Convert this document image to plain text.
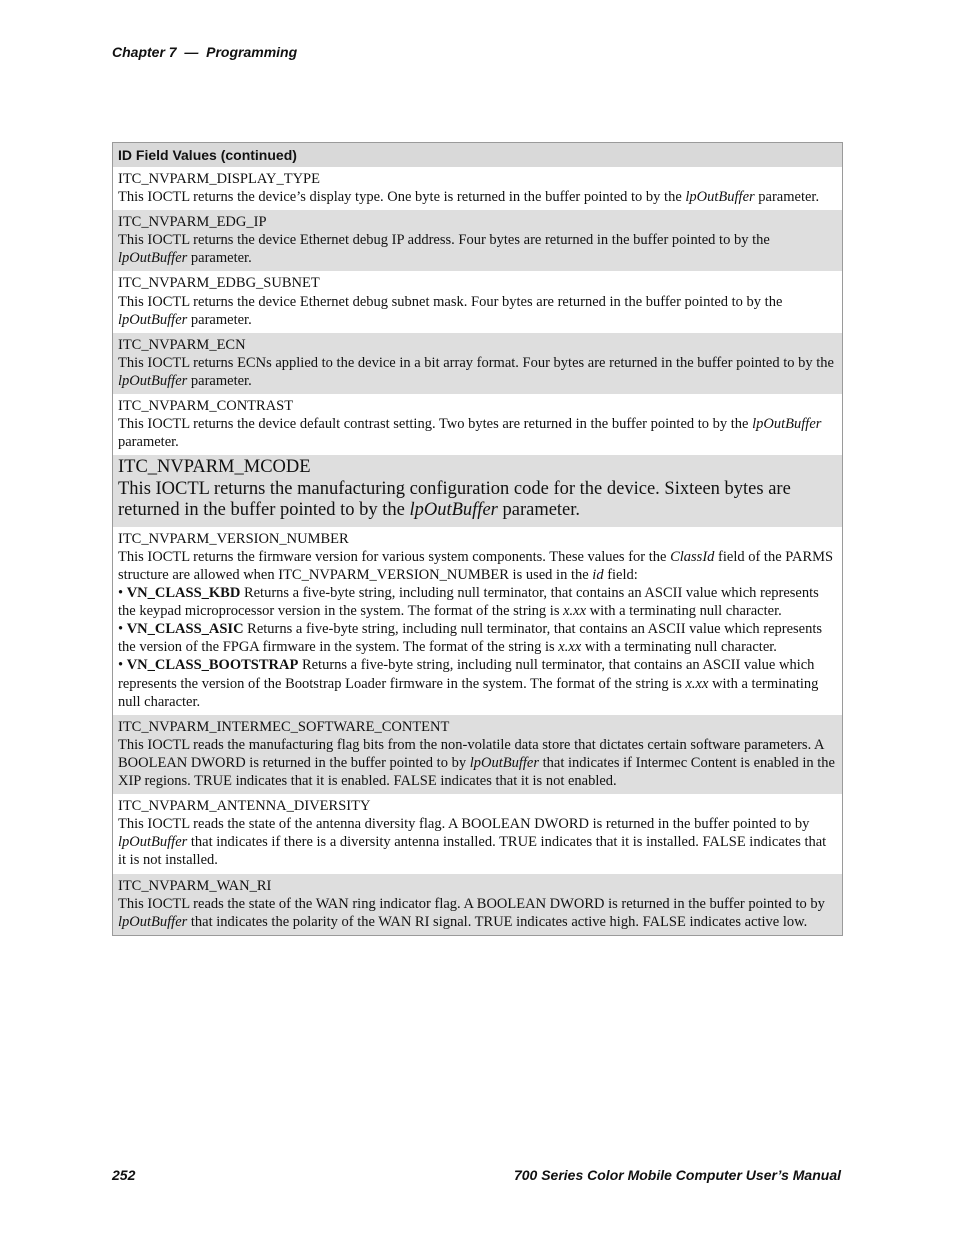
Chapter 7  —  Programming
ID Field Values (continued)
ITC_NVPARM_DISPLAY_TYPE
This IOCTL returns the device’s display type. One byte is returned in the buffer pointed to by the lpOutBuffer parameter.
ITC_NVPARM_EDG_IP
This IOCTL returns the device Ethernet debug IP address. Four bytes are returned in the buffer pointed to by the lpOutBuffer parameter.
ITC_NVPARM_EDBG_SUBNET
This IOCTL returns the device Ethernet debug subnet mask. Four bytes are returned in the buffer pointed to by the lpOutBuffer parameter.
ITC_NVPARM_ECN
This IOCTL returns ECNs applied to the device in a bit array format. Four bytes are returned in the buffer pointed to by the lpOutBuffer parameter.
ITC_NVPARM_CONTRAST
This IOCTL returns the device default contrast setting. Two bytes are returned in the buffer pointed to by the lpOutBuffer parameter.
ITC_NVPARM_MCODE
This IOCTL returns the manufacturing configuration code for the device. Sixteen bytes are returned in the buffer pointed to by the lpOutBuffer parameter.
ITC_NVPARM_VERSION_NUMBER
This IOCTL returns the firmware version for various system components. These values for the ClassId field of the PARMS structure are allowed when ITC_NVPARM_VERSION_NUMBER is used in the id field:
• VN_CLASS_KBD Returns a five-byte string, including null terminator, that contains an ASCII value which represents the keypad microprocessor version in the system. The format of the string is x.xx with a terminating null character.
• VN_CLASS_ASIC Returns a five-byte string, including null terminator, that contains an ASCII value which represents the version of the FPGA firmware in the system. The format of the string is x.xx with a terminating null character.
• VN_CLASS_BOOTSTRAP Returns a five-byte string, including null terminator, that contains an ASCII value which represents the version of the Bootstrap Loader firmware in the system. The format of the string is x.xx with a terminating null character.
ITC_NVPARM_INTERMEC_SOFTWARE_CONTENT
This IOCTL reads the manufacturing flag bits from the non-volatile data store that dictates certain software parameters. A BOOLEAN DWORD is returned in the buffer pointed to by lpOutBuffer that indicates if Intermec Content is enabled in the XIP regions. TRUE indicates that it is enabled. FALSE indicates that it is not enabled.
ITC_NVPARM_ANTENNA_DIVERSITY
This IOCTL reads the state of the antenna diversity flag. A BOOLEAN DWORD is returned in the buffer pointed to by lpOutBuffer that indicates if there is a diversity antenna installed. TRUE indicates that it is installed. FALSE indicates that it is not installed.
ITC_NVPARM_WAN_RI
This IOCTL reads the state of the WAN ring indicator flag. A BOOLEAN DWORD is returned in the buffer pointed to by lpOutBuffer that indicates the polarity of the WAN RI signal. TRUE indicates active high. FALSE indicates active low.
252	700 Series Color Mobile Computer User’s Manual
